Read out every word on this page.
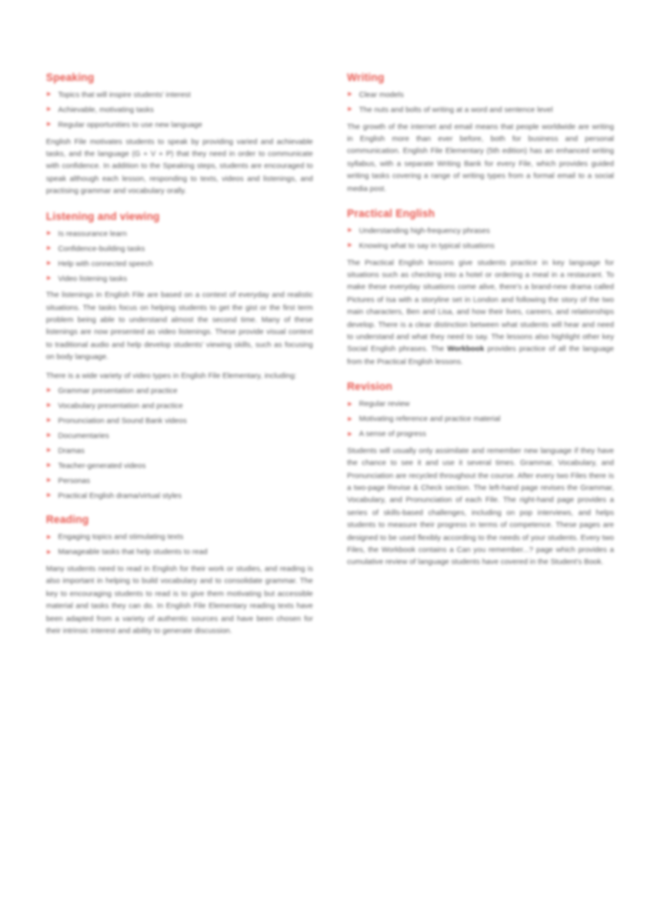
Speaking
Topics that will inspire students' interest
Achievable, motivating tasks
Regular opportunities to use new language

English File motivates students to speak by providing varied and achievable tasks, and the language (G + V + P) that they need in order to communicate with confidence. In addition to the Speaking steps, students are encouraged to speak although each lesson, responding to texts, videos and listenings, and practising grammar and vocabulary orally.

Listening and viewing
Is reassurance learn
Confidence-building tasks
Help with connected speech
Video listening tasks

The listenings in English File are based on a context of everyday and realistic situations. The tasks focus on helping students to get the gist or the first term problem being able to understand almost the second time. Many of these listenings are now presented as video listenings. These provide visual context to traditional audio and help develop students' viewing skills, such as focusing on body language.

There is a wide variety of video types in English File Elementary, including:

Grammar presentation and practice
Vocabulary presentation and practice
Pronunciation and Sound Bank videos
Documentaries
Dramas
Teacher-generated videos
Personas
Practical English drama/virtual styles
Reading
Engaging topics and stimulating texts
Manageable tasks that help students to read

Many students need to read in English for their work or studies, and reading is also important in helping to build vocabulary and to consolidate grammar. The key to encouraging students to read is to give them motivating but accessible material and tasks they can do. In English File Elementary reading texts have been adapted from a variety of authentic sources and have been chosen for their intrinsic interest and ability to generate discussion.

Writing
Clear models
The nuts and bolts of writing at a word and sentence level

The growth of the internet and email means that people worldwide are writing in English more than ever before, both for business and personal communication. English File Elementary (5th edition) has an enhanced writing syllabus, with a separate Writing Bank for every File, which provides guided writing tasks covering a range of writing types from a formal email to a social media post.

Practical English
Understanding high-frequency phrases
Knowing what to say in typical situations

The Practical English lessons give students practice in key language for situations such as checking into a hotel or ordering a meal in a restaurant. To make these everyday situations come alive, there's a brand-new drama called Pictures of Isa with a storyline set in London and following the story of the two main characters, Ben and Lisa, and how their lives, careers, and relationships develop. There is a clear distinction between what students will hear and need to understand and what they need to say. The lessons also highlight other key Social English phrases. The Workbook provides practice of all the language from the Practical English lessons.

Revision
Regular review
Motivating reference and practice material
A sense of progress

Students will usually only assimilate and remember new language if they have the chance to see it and use it several times. Grammar, Vocabulary, and Pronunciation are recycled throughout the course. After every two Files there is a two-page Revise & Check section. The left-hand page revises the Grammar, Vocabulary, and Pronunciation of each File. The right-hand page provides a series of skills-based challenges, including on pop interviews, and helps students to measure their progress in terms of competence. These pages are designed to be used flexibly according to the needs of your students. Every two Files, the Workbook contains a Can you remember...? page which provides a cumulative review of language students have covered in the Student's Book.
